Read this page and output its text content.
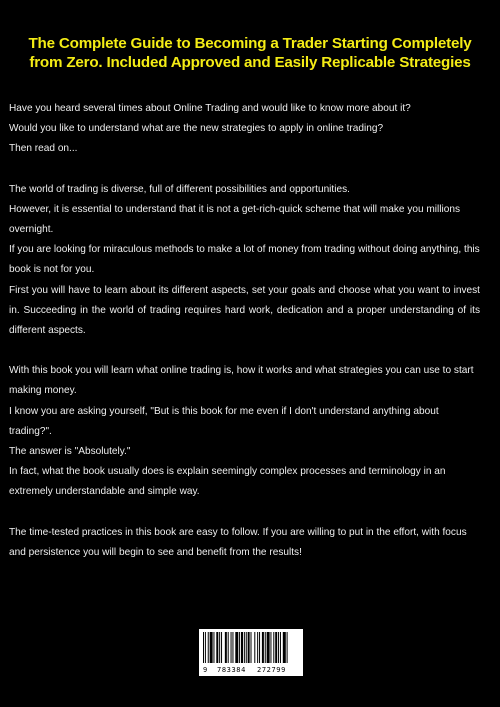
The Complete Guide to Becoming a Trader Starting Completely from Zero. Included Approved and Easily Replicable Strategies

Have you heard several times about Online Trading and would like to know more about it?

Would you like to understand what are the new strategies to apply in online trading?

Then read on...

The world of trading is diverse, full of different possibilities and opportunities.

However, it is essential to understand that it is not a get-rich-quick scheme that will make you millions overnight.

If you are looking for miraculous methods to make a lot of money from trading without doing anything, this book is not for you.

First you will have to learn about its different aspects, set your goals and choose what you want to invest in. Succeeding in the world of trading requires hard work, dedication and a proper understanding of its different aspects.

With this book you will learn what online trading is, how it works and what strategies you can use to start making money.

I know you are asking yourself, "But is this book for me even if I don't understand anything about trading?".

The answer is "Absolutely."

In fact, what the book usually does is explain seemingly complex processes and terminology in an extremely understandable and simple way.

The time-tested practices in this book are easy to follow. If you are willing to put in the effort, with focus and persistence you will begin to see and benefit from the results!

9 783384 272799
